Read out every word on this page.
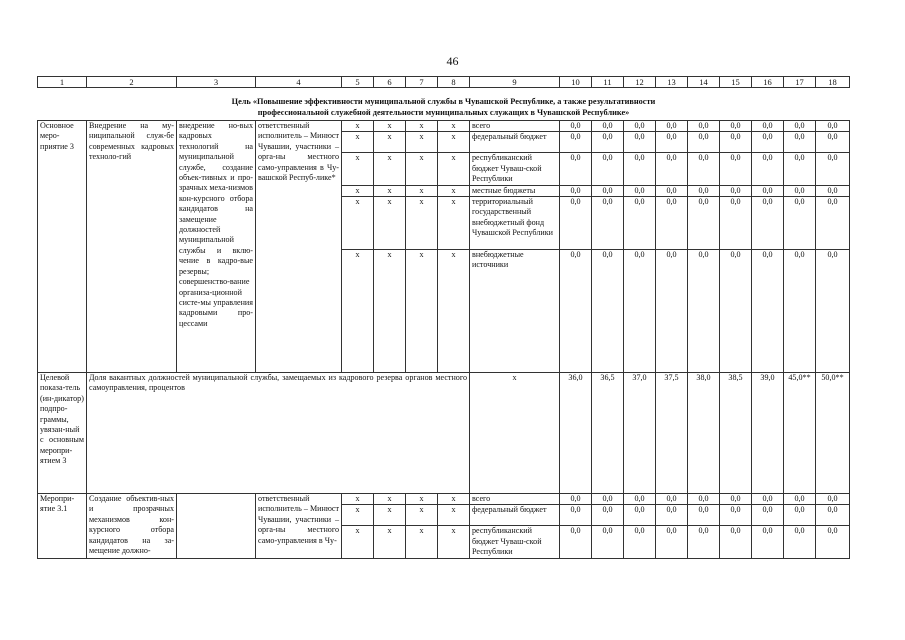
46
1	2	3	4	5	6	7	8	9	10	11	12	13	14	15	16	17	18

Цель «Повышение эффективности муниципальной службы в Чувашской Республике, а также результативности
профессиональной служебной деятельности муниципальных служащих в Чувашской Республике»																	

Основное меро-приятие 3	Внедрение на му-ниципальной служ-бе современных кадровых техноло-гий	внедрение но-вых кадровых технологий на муниципальной службе, создание объек-тивных и про-зрачных меха-низмов кон-курсного отбора кандидатов на замещение должностей муниципальной службы и вклю-чение в кадро-вые резервы; совершенство-вание организа-ционной систе-мы управления кадровыми про-цессами	ответственный исполнитель – Минюст Чувашии, участники – орга-ны местного само-управления в Чу-вашской Респуб-лике*	x	x	x	x	всего	0,0	0,0	0,0	0,0	0,0	0,0	0,0	0,0	0,0
				x	x	x	x	федеральный бюджет	0,0	0,0	0,0	0,0	0,0	0,0	0,0	0,0	0,0
				x	x	x	x	республиканский бюджет Чуваш-ской Республики	0,0	0,0	0,0	0,0	0,0	0,0	0,0	0,0	0,0
				x	x	x	x	местные бюджеты	0,0	0,0	0,0	0,0	0,0	0,0	0,0	0,0	0,0
				x	x	x	x	территориальный государственный внебюджетный фонд Чувашской Республики	0,0	0,0	0,0	0,0	0,0	0,0	0,0	0,0	0,0
				x	x	x	x	внебюджетные источники	0,0	0,0	0,0	0,0	0,0	0,0	0,0	0,0	0,0
Целевой показа-тель (ин-дикатор) подпро-граммы, увязан-ный с основным меропри-ятием 3	Доля вакантных должностей муниципальной службы, замещаемых из кадрового резерва органов местного самоуправления, процентов							x	36,0	36,5	37,0	37,5	38,0	38,5	39,0	45,0**	50,0**
Меропри-ятие 3.1	Создание объектив-ных и прозрачных механизмов кон-курсного отбора кандидатов на за-мещение должно-		ответственный исполнитель – Минюст Чувашии, участники – орга-ны местного само-управления в Чу-	x	x	x	x	всего	0,0	0,0	0,0	0,0	0,0	0,0	0,0	0,0	0,0
				x	x	x	x	федеральный бюджет	0,0	0,0	0,0	0,0	0,0	0,0	0,0	0,0	0,0
				x	x	x	x	республиканский бюджет Чуваш-ской Республики	0,0	0,0	0,0	0,0	0,0	0,0	0,0	0,0	0,0
